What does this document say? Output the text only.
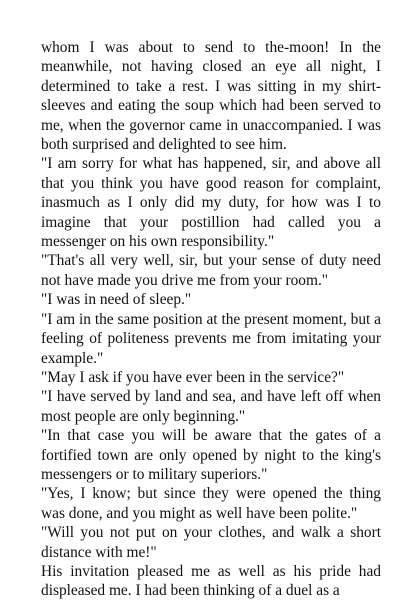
whom I was about to send to the-moon! In the meanwhile, not having closed an eye all night, I determined to take a rest. I was sitting in my shirt-sleeves and eating the soup which had been served to me, when the governor came in unaccompanied. I was both surprised and delighted to see him.

"I am sorry for what has happened, sir, and above all that you think you have good reason for complaint, inasmuch as I only did my duty, for how was I to imagine that your postillion had called you a messenger on his own responsibility."

"That's all very well, sir, but your sense of duty need not have made you drive me from your room."

"I was in need of sleep."

"I am in the same position at the present moment, but a feeling of politeness prevents me from imitating your example."

"May I ask if you have ever been in the service?"

"I have served by land and sea, and have left off when most people are only beginning."

"In that case you will be aware that the gates of a fortified town are only opened by night to the king's messengers or to military superiors."

"Yes, I know; but since they were opened the thing was done, and you might as well have been polite."

"Will you not put on your clothes, and walk a short distance with me!"

His invitation pleased me as well as his pride had displeased me. I had been thinking of a duel as a
